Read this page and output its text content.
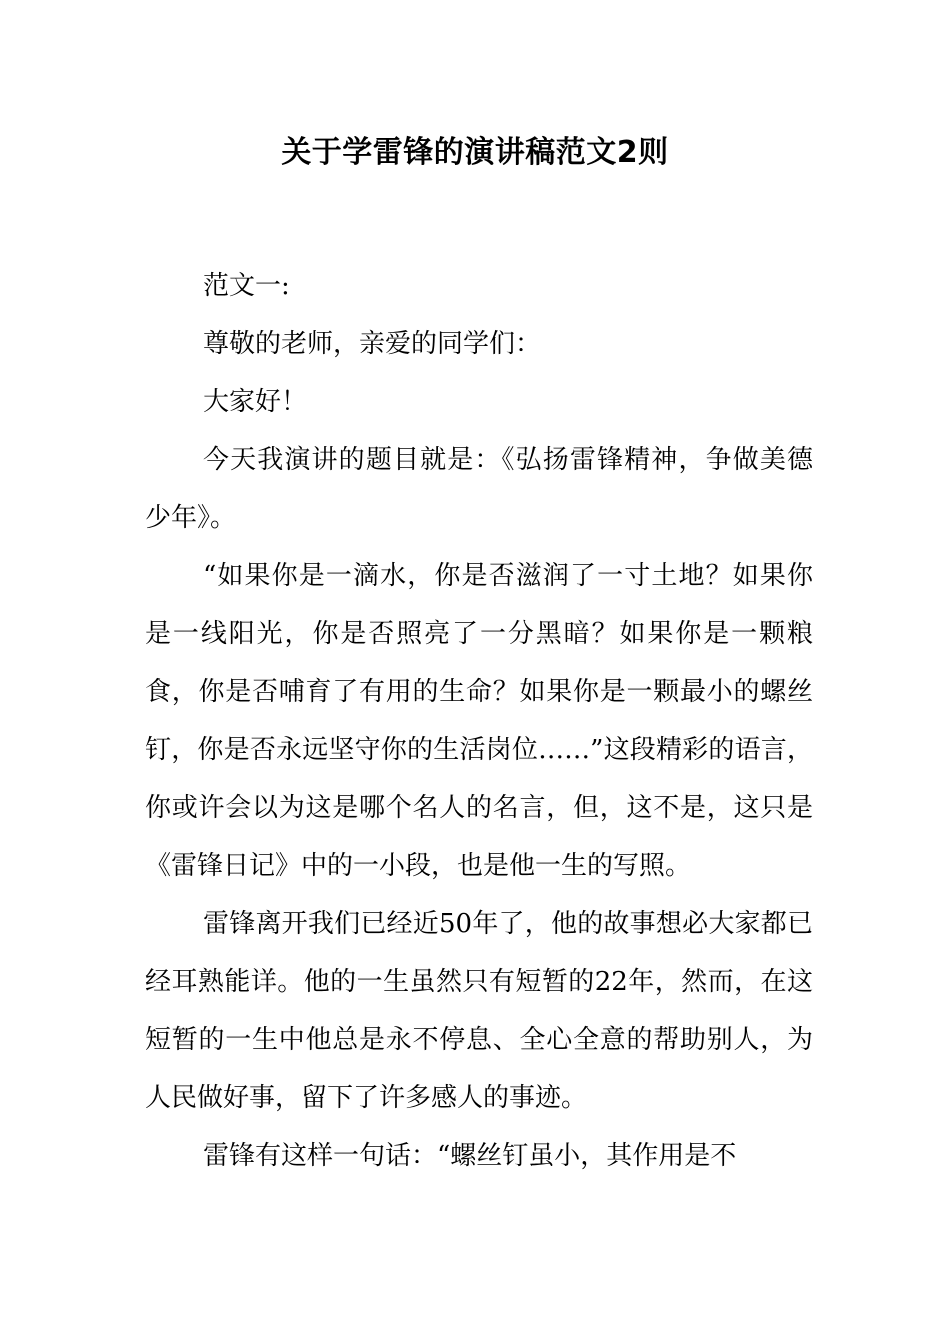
关于学雷锋的演讲稿范文2则

范文一:

尊敬的老师，亲爱的同学们：

大家好！

今天我演讲的题目就是：《弘扬雷锋精神，争做美德少年》。

“如果你是一滴水，你是否滋润了一寸土地？如果你是一线阳光，你是否照亮了一分黑暗？如果你是一颗粮食，你是否哺育了有用的生命？如果你是一颗最小的螺丝钉，你是否永远坚守你的生活岗位……”这段精彩的语言，你或许会以为这是哪个名人的名言，但，这不是，这只是《雷锋日记》中的一小段，也是他一生的写照。

雷锋离开我们已经近50年了，他的故事想必大家都已经耳熟能详。他的一生虽然只有短暂的22年，然而，在这短暂的一生中他总是永不停息、全心全意的帮助别人，为人民做好事，留下了许多感人的事迹。

雷锋有这样一句话：“螺丝钉虽小，其作用是不
